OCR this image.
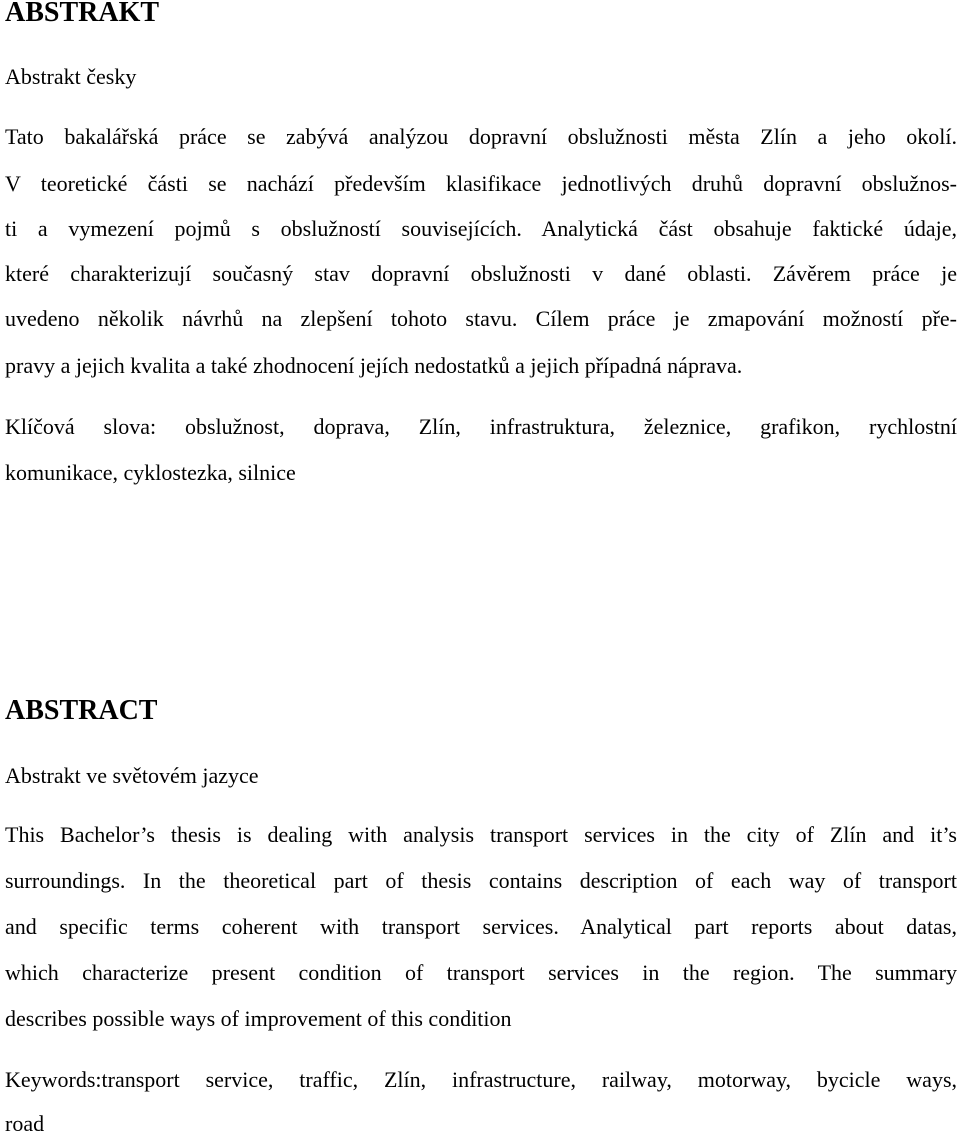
ABSTRAKT
Abstrakt česky
Tato bakalářská práce se zabývá analýzou dopravní obslužnosti města Zlín a jeho okolí.
V teoretické části se nachází především klasifikace jednotlivých druhů dopravní obslužnos-
ti a vymezení pojmů s obslužností souvisejících. Analytická část obsahuje faktické údaje,
které charakterizují současný stav dopravní obslužnosti v dané oblasti. Závěrem práce je
uvedeno několik návrhů na zlepšení tohoto stavu. Cílem práce je zmapování možností pře-
pravy a jejich kvalita a také zhodnocení jejích nedostatků a jejich případná náprava.
Klíčová slova: obslužnost, doprava, Zlín, infrastruktura, železnice, grafikon, rychlostní
komunikace, cyklostezka, silnice
ABSTRACT
Abstrakt ve světovém jazyce
This Bachelor’s thesis is dealing with analysis transport services in the city of Zlín and it’s
surroundings. In the theoretical part of thesis contains description of each way of transport
and specific terms coherent with transport services. Analytical part reports about datas,
which characterize present condition of transport services in the region. The summary
describes possible ways of improvement of this condition
Keywords:transport service, traffic, Zlín, infrastructure, railway, motorway, bycicle ways,
road
